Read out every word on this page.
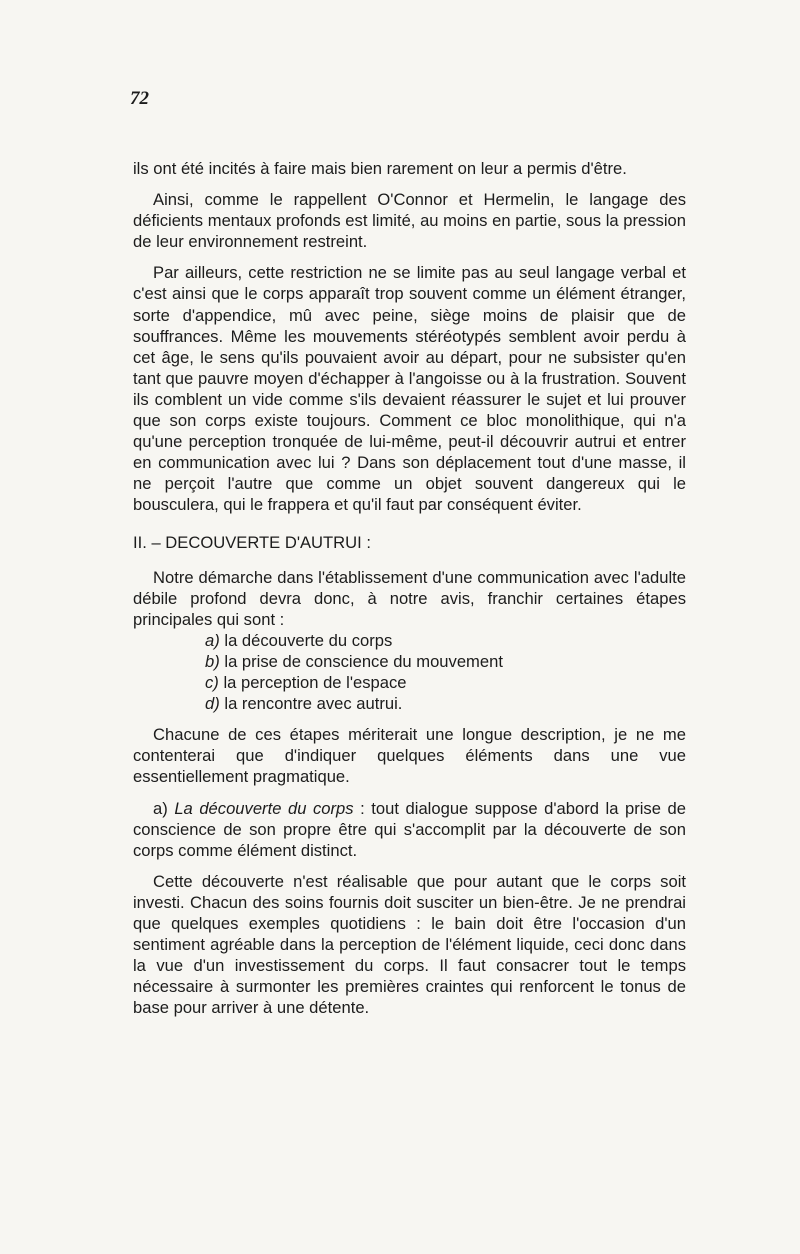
72

ils ont été incités à faire mais bien rarement on leur a permis d'être.

Ainsi, comme le rappellent O'Connor et Hermelin, le langage des déficients mentaux profonds est limité, au moins en partie, sous la pression de leur environnement restreint.

Par ailleurs, cette restriction ne se limite pas au seul langage verbal et c'est ainsi que le corps apparaît trop souvent comme un élément étranger, sorte d'appendice, mû avec peine, siège moins de plaisir que de souffrances. Même les mouvements stéréotypés semblent avoir perdu à cet âge, le sens qu'ils pouvaient avoir au départ, pour ne subsister qu'en tant que pauvre moyen d'échapper à l'angoisse ou à la frustration. Souvent ils comblent un vide comme s'ils devaient réassurer le sujet et lui prouver que son corps existe toujours. Comment ce bloc monolithique, qui n'a qu'une perception tronquée de lui-même, peut-il découvrir autrui et entrer en communication avec lui ? Dans son déplacement tout d'une masse, il ne perçoit l'autre que comme un objet souvent dangereux qui le bousculera, qui le frappera et qu'il faut par conséquent éviter.

II. – DECOUVERTE D'AUTRUI :

Notre démarche dans l'établissement d'une communication avec l'adulte débile profond devra donc, à notre avis, franchir certaines étapes principales qui sont :

a) la découverte du corps
b) la prise de conscience du mouvement
c) la perception de l'espace
d) la rencontre avec autrui.

Chacune de ces étapes mériterait une longue description, je ne me contenterai que d'indiquer quelques éléments dans une vue essentiellement pragmatique.

a) La découverte du corps : tout dialogue suppose d'abord la prise de conscience de son propre être qui s'accomplit par la découverte de son corps comme élément distinct.

Cette découverte n'est réalisable que pour autant que le corps soit investi. Chacun des soins fournis doit susciter un bien-être. Je ne prendrai que quelques exemples quotidiens : le bain doit être l'occasion d'un sentiment agréable dans la perception de l'élément liquide, ceci donc dans la vue d'un investissement du corps. Il faut consacrer tout le temps nécessaire à surmonter les premières craintes qui renforcent le tonus de base pour arriver à une détente.
